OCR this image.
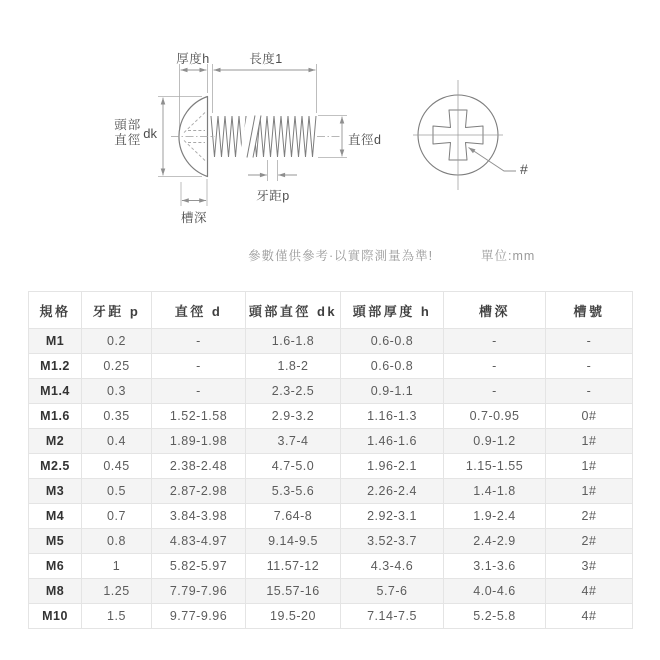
厚度h	長度1
頭部
直徑 dk	直徑d
牙距p
槽深
#
參數僅供參考·以實際測量為準!	單位:mm
規格	牙距 p	直徑 d	頭部直徑 dk	頭部厚度 h	槽深	槽號
M1	0.2	-	1.6-1.8	0.6-0.8	-	-
M1.2	0.25	-	1.8-2	0.6-0.8	-	-
M1.4	0.3	-	2.3-2.5	0.9-1.1	-	-
M1.6	0.35	1.52-1.58	2.9-3.2	1.16-1.3	0.7-0.95	0#
M2	0.4	1.89-1.98	3.7-4	1.46-1.6	0.9-1.2	1#
M2.5	0.45	2.38-2.48	4.7-5.0	1.96-2.1	1.15-1.55	1#
M3	0.5	2.87-2.98	5.3-5.6	2.26-2.4	1.4-1.8	1#
M4	0.7	3.84-3.98	7.64-8	2.92-3.1	1.9-2.4	2#
M5	0.8	4.83-4.97	9.14-9.5	3.52-3.7	2.4-2.9	2#
M6	1	5.82-5.97	11.57-12	4.3-4.6	3.1-3.6	3#
M8	1.25	7.79-7.96	15.57-16	5.7-6	4.0-4.6	4#
M10	1.5	9.77-9.96	19.5-20	7.14-7.5	5.2-5.8	4#
